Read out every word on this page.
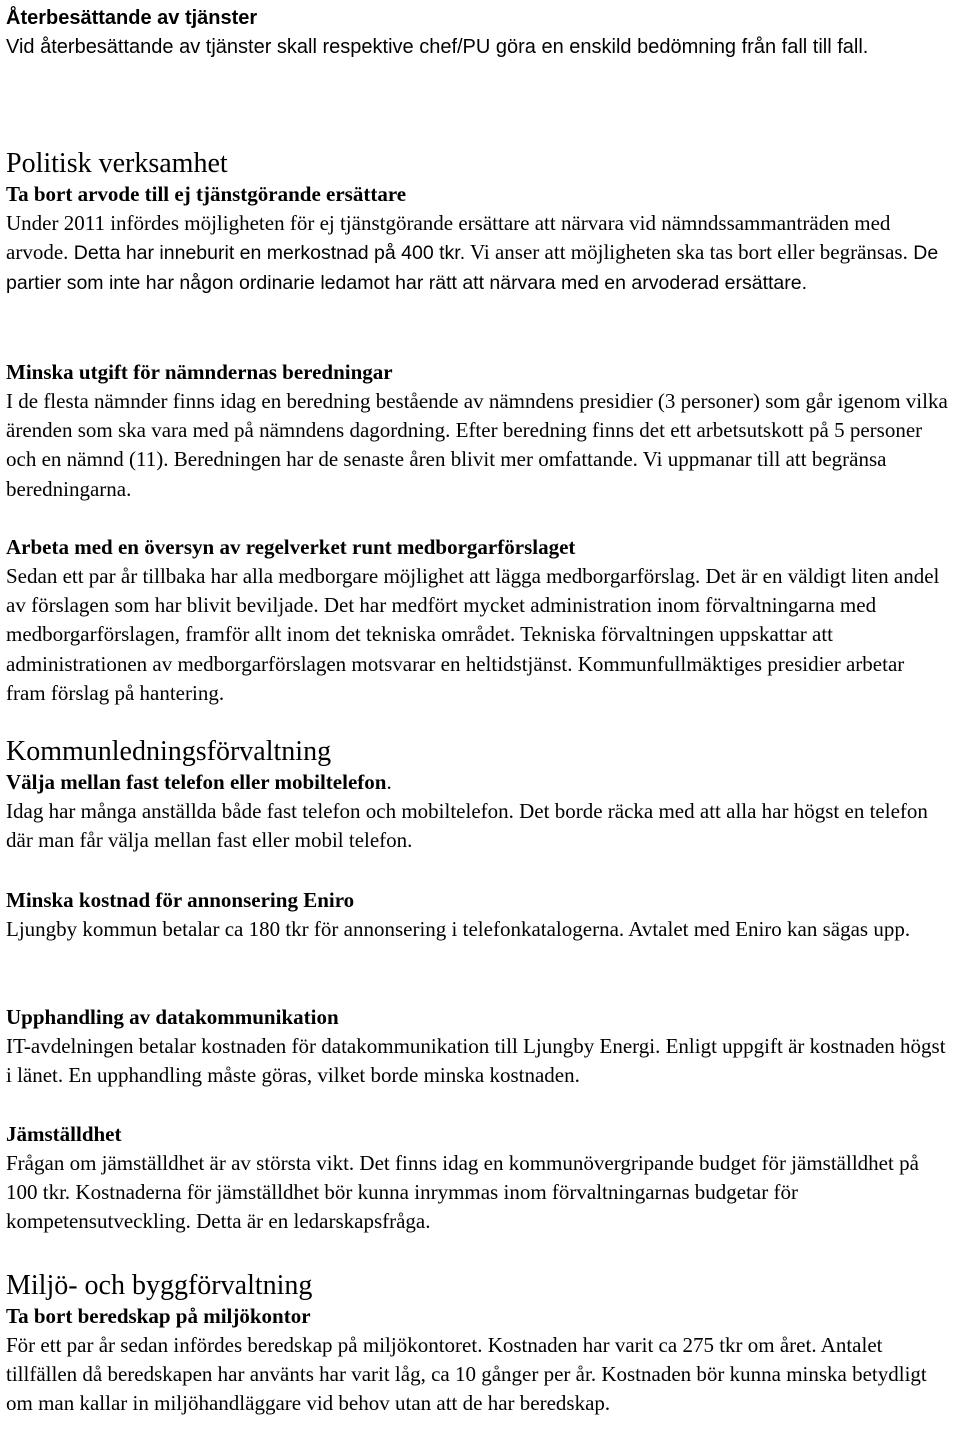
Återbesättande av tjänster

Vid återbesättande av tjänster skall respektive chef/PU göra en enskild bedömning från fall till fall.

Politisk verksamhet

Ta bort arvode till ej tjänstgörande ersättare

Under 2011 infördes möjligheten för ej tjänstgörande ersättare att närvara vid nämndssammanträden med arvode. Detta har inneburit en merkostnad på 400 tkr. Vi anser att möjligheten ska tas bort eller begränsas. De partier som inte har någon ordinarie ledamot har rätt att närvara med en arvoderad ersättare.

Minska utgift för nämndernas beredningar

I de flesta nämnder finns idag en beredning bestående av nämndens presidier (3 personer) som går igenom vilka ärenden som ska vara med på nämndens dagordning. Efter beredning finns det ett arbetsutskott på 5 personer och en nämnd (11). Beredningen har de senaste åren blivit mer omfattande. Vi uppmanar till att begränsa beredningarna.

Arbeta med en översyn av regelverket runt medborgarförslaget

Sedan ett par år tillbaka har alla medborgare möjlighet att lägga medborgarförslag. Det är en väldigt liten andel av förslagen som har blivit beviljade. Det har medfört mycket administration inom förvaltningarna med medborgarförslagen, framför allt inom det tekniska området. Tekniska förvaltningen uppskattar att administrationen av medborgarförslagen motsvarar en heltidstjänst. Kommunfullmäktiges presidier arbetar fram förslag på hantering.

Kommunledningsförvaltning

Välja mellan fast telefon eller mobiltelefon.

Idag har många anställda både fast telefon och mobiltelefon. Det borde räcka med att alla har högst en telefon där man får välja mellan fast eller mobil telefon.

Minska kostnad för annonsering Eniro

Ljungby kommun betalar ca 180 tkr för annonsering i telefonkatalogerna. Avtalet med Eniro kan sägas upp.

Upphandling av datakommunikation

IT-avdelningen betalar kostnaden för datakommunikation till Ljungby Energi. Enligt uppgift är kostnaden högst i länet. En upphandling måste göras, vilket borde minska kostnaden.

Jämställdhet

Frågan om jämställdhet är av största vikt. Det finns idag en kommunövergripande budget för jämställdhet på 100 tkr. Kostnaderna för jämställdhet bör kunna inrymmas inom förvaltningarnas budgetar för kompetensutveckling. Detta är en ledarskapsfråga.

Miljö- och byggförvaltning

Ta bort beredskap på miljökontor

För ett par år sedan infördes beredskap på miljökontoret. Kostnaden har varit ca 275 tkr om året. Antalet tillfällen då beredskapen har använts har varit låg, ca 10 gånger per år. Kostnaden bör kunna minska betydligt om man kallar in miljöhandläggare vid behov utan att de har beredskap.
